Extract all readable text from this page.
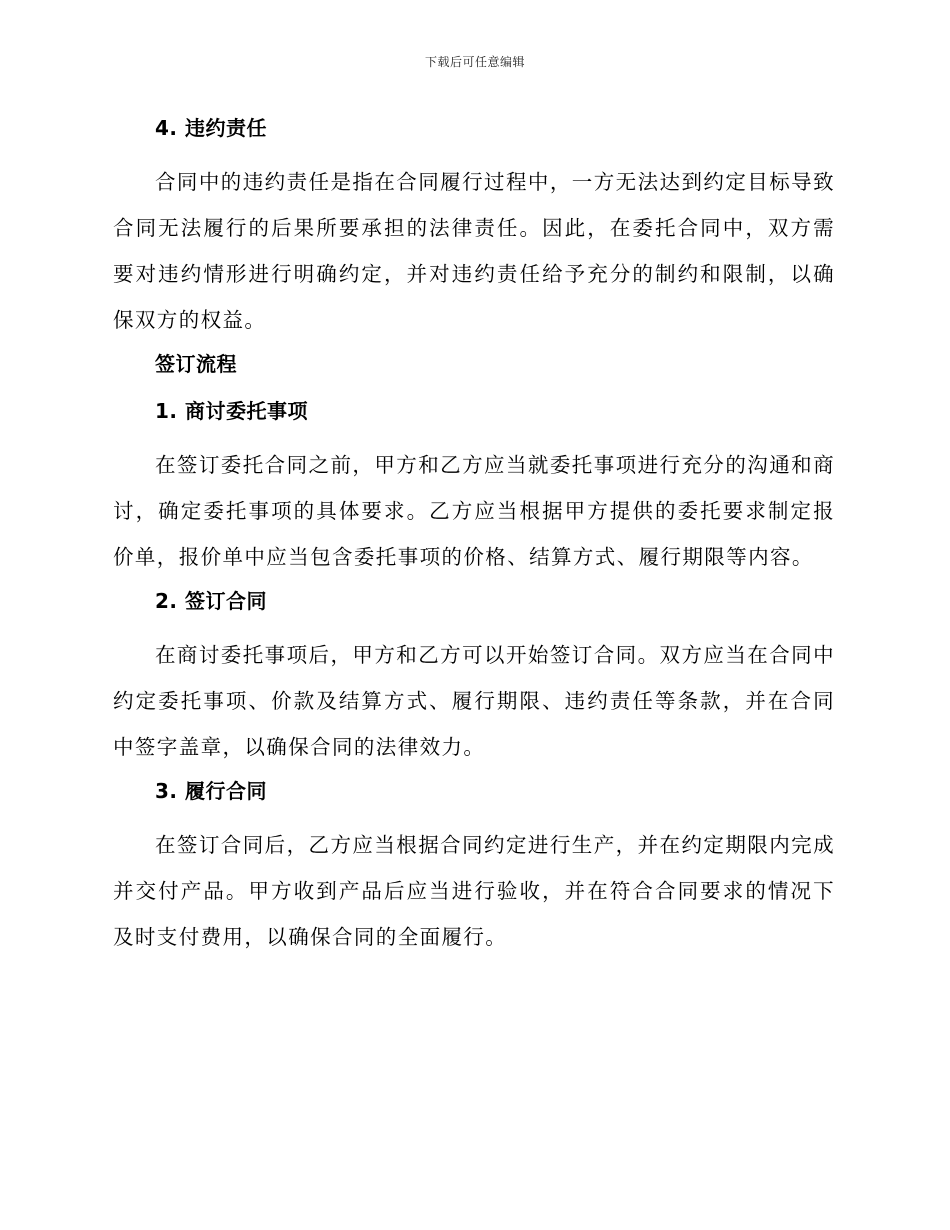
下载后可任意编辑
4. 违约责任

合同中的违约责任是指在合同履行过程中，一方无法达到约定目标导致合同无法履行的后果所要承担的法律责任。因此，在委托合同中，双方需要对违约情形进行明确约定，并对违约责任给予充分的制约和限制，以确保双方的权益。

签订流程
1. 商讨委托事项

在签订委托合同之前，甲方和乙方应当就委托事项进行充分的沟通和商讨，确定委托事项的具体要求。乙方应当根据甲方提供的委托要求制定报价单，报价单中应当包含委托事项的价格、结算方式、履行期限等内容。

2. 签订合同

在商讨委托事项后，甲方和乙方可以开始签订合同。双方应当在合同中约定委托事项、价款及结算方式、履行期限、违约责任等条款，并在合同中签字盖章，以确保合同的法律效力。

3. 履行合同

在签订合同后，乙方应当根据合同约定进行生产，并在约定期限内完成并交付产品。甲方收到产品后应当进行验收，并在符合合同要求的情况下及时支付费用，以确保合同的全面履行。
